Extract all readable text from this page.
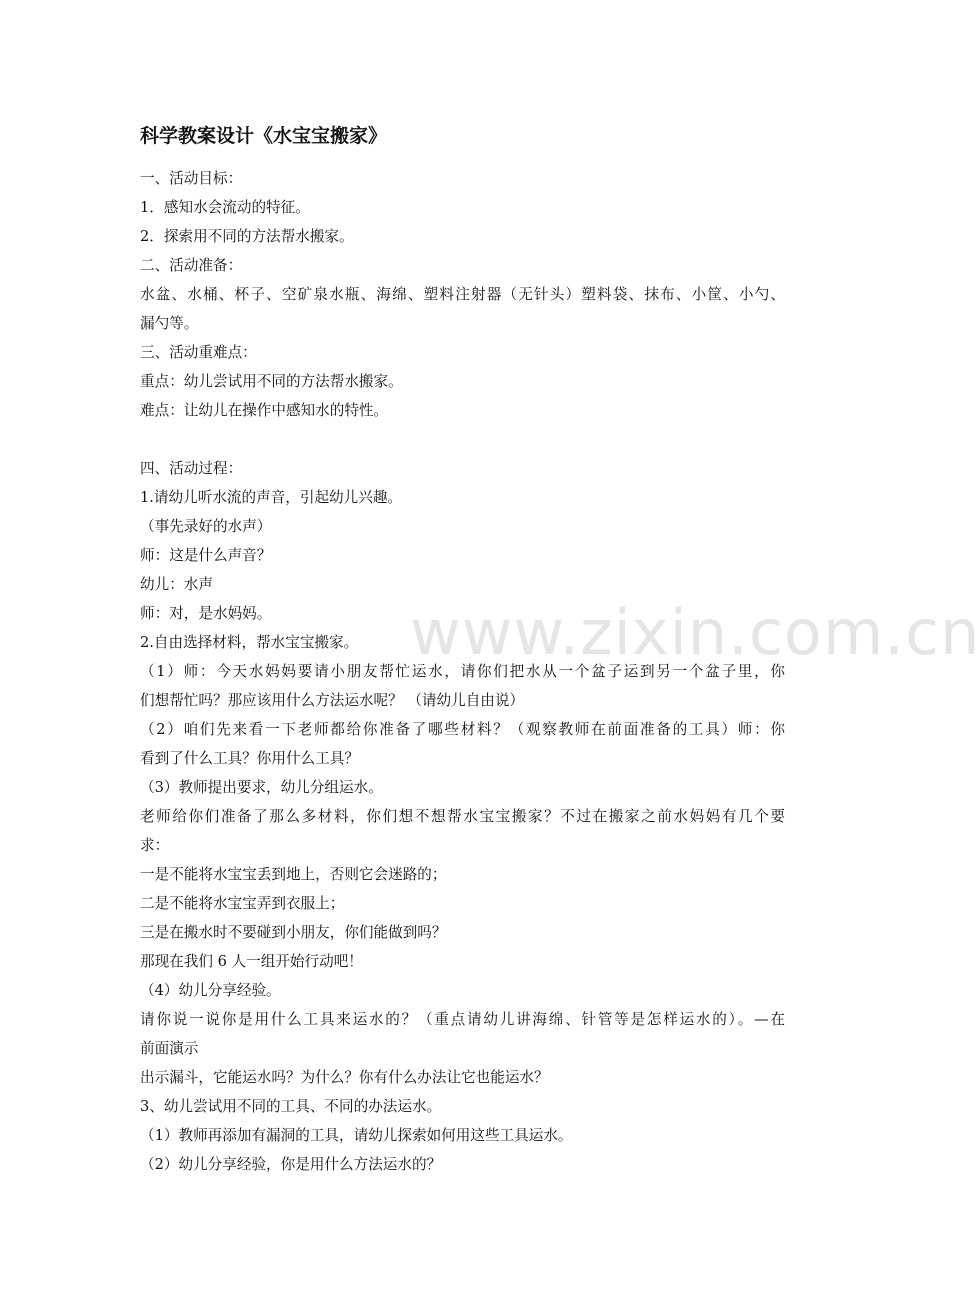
科学教案设计《水宝宝搬家》
一、活动目标：
1．感知水会流动的特征。
2．探索用不同的方法帮水搬家。
二、活动准备：
水盆、水桶、杯子、空矿泉水瓶、海绵、塑料注射器（无针头）塑料袋、抹布、小筐、小勺、
漏勺等。
三、活动重难点：
重点：幼儿尝试用不同的方法帮水搬家。
难点：让幼儿在操作中感知水的特性。
四、活动过程：
1.请幼儿听水流的声音，引起幼儿兴趣。
（事先录好的水声）
师：这是什么声音？
幼儿：水声
师：对，是水妈妈。
2.自由选择材料，帮水宝宝搬家。
（1）师：今天水妈妈要请小朋友帮忙运水，请你们把水从一个盆子运到另一个盆子里，你
们想帮忙吗？那应该用什么方法运水呢？ （请幼儿自由说）
（2）咱们先来看一下老师都给你准备了哪些材料？（观察教师在前面准备的工具）师：你
看到了什么工具？你用什么工具？
（3）教师提出要求，幼儿分组运水。
老师给你们准备了那么多材料，你们想不想帮水宝宝搬家？不过在搬家之前水妈妈有几个要
求：
一是不能将水宝宝丢到地上，否则它会迷路的；
二是不能将水宝宝弄到衣服上；
三是在搬水时不要碰到小朋友，你们能做到吗？
那现在我们 6 人一组开始行动吧！
（4）幼儿分享经验。
请你说一说你是用什么工具来运水的？（重点请幼儿讲海绵、针管等是怎样运水的）。—在
前面演示
出示漏斗，它能运水吗？为什么？你有什么办法让它也能运水？
3、幼儿尝试用不同的工具、不同的办法运水。
（1）教师再添加有漏洞的工具，请幼儿探索如何用这些工具运水。
（2）幼儿分享经验，你是用什么方法运水的？
www.zixin.com.cn
